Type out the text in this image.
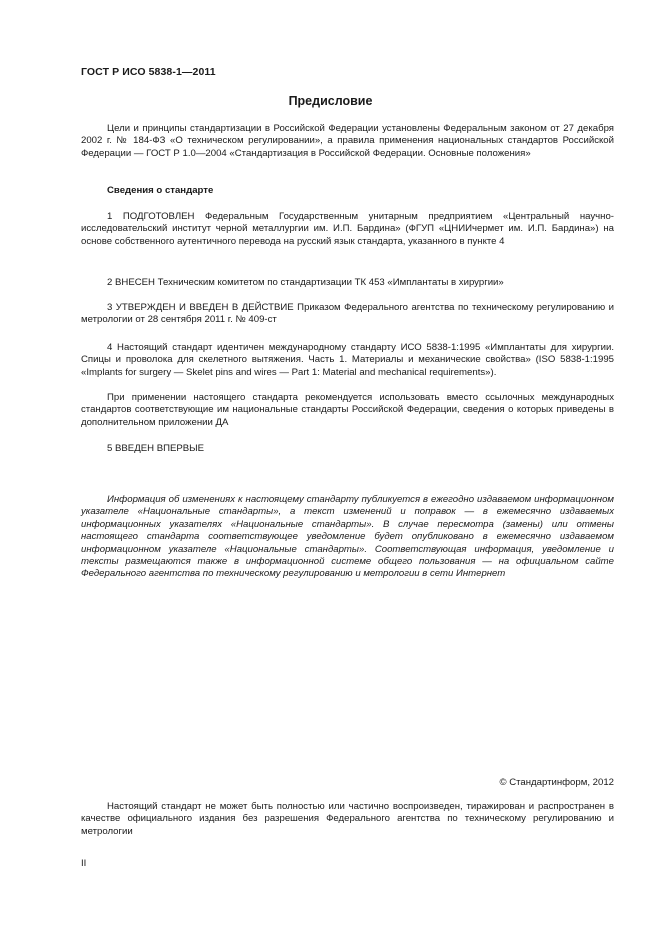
ГОСТ Р ИСО 5838-1—2011
Предисловие

Цели и принципы стандартизации в Российской Федерации установлены Федеральным законом от 27 декабря 2002 г. № 184-ФЗ «О техническом регулировании», а правила применения национальных стандартов Российской Федерации — ГОСТ Р 1.0—2004 «Стандартизация в Российской Федерации. Основные положения»

Сведения о стандарте

1 ПОДГОТОВЛЕН Федеральным Государственным унитарным предприятием «Центральный научно-исследовательский институт черной металлургии им. И.П. Бардина» (ФГУП «ЦНИИчермет им. И.П. Бардина») на основе собственного аутентичного перевода на русский язык стандарта, указанного в пункте 4

2 ВНЕСЕН Техническим комитетом по стандартизации ТК 453 «Имплантаты в хирургии»

3 УТВЕРЖДЕН И ВВЕДЕН В ДЕЙСТВИЕ Приказом Федерального агентства по техническому регулированию и метрологии от 28 сентября 2011 г. № 409-ст

4 Настоящий стандарт идентичен международному стандарту ИСО 5838-1:1995 «Имплантаты для хирургии. Спицы и проволока для скелетного вытяжения. Часть 1. Материалы и механические свойства» (ISO 5838-1:1995 «Implants for surgery — Skelet pins and wires — Part 1: Material and mechanical requirements»).

При применении настоящего стандарта рекомендуется использовать вместо ссылочных международных стандартов соответствующие им национальные стандарты Российской Федерации, сведения о которых приведены в дополнительном приложении ДА

5 ВВЕДЕН ВПЕРВЫЕ

Информация об изменениях к настоящему стандарту публикуется в ежегодно издаваемом информационном указателе «Национальные стандарты», а текст изменений и поправок — в ежемесячно издаваемых информационных указателях «Национальные стандарты». В случае пересмотра (замены) или отмены настоящего стандарта соответствующее уведомление будет опубликовано в ежемесячно издаваемом информационном указателе «Национальные стандарты». Соответствующая информация, уведомление и тексты размещаются также в информационной системе общего пользования — на официальном сайте Федерального агентства по техническому регулированию и метрологии в сети Интернет

© Стандартинформ, 2012

Настоящий стандарт не может быть полностью или частично воспроизведен, тиражирован и распространен в качестве официального издания без разрешения Федерального агентства по техническому регулированию и метрологии

II
